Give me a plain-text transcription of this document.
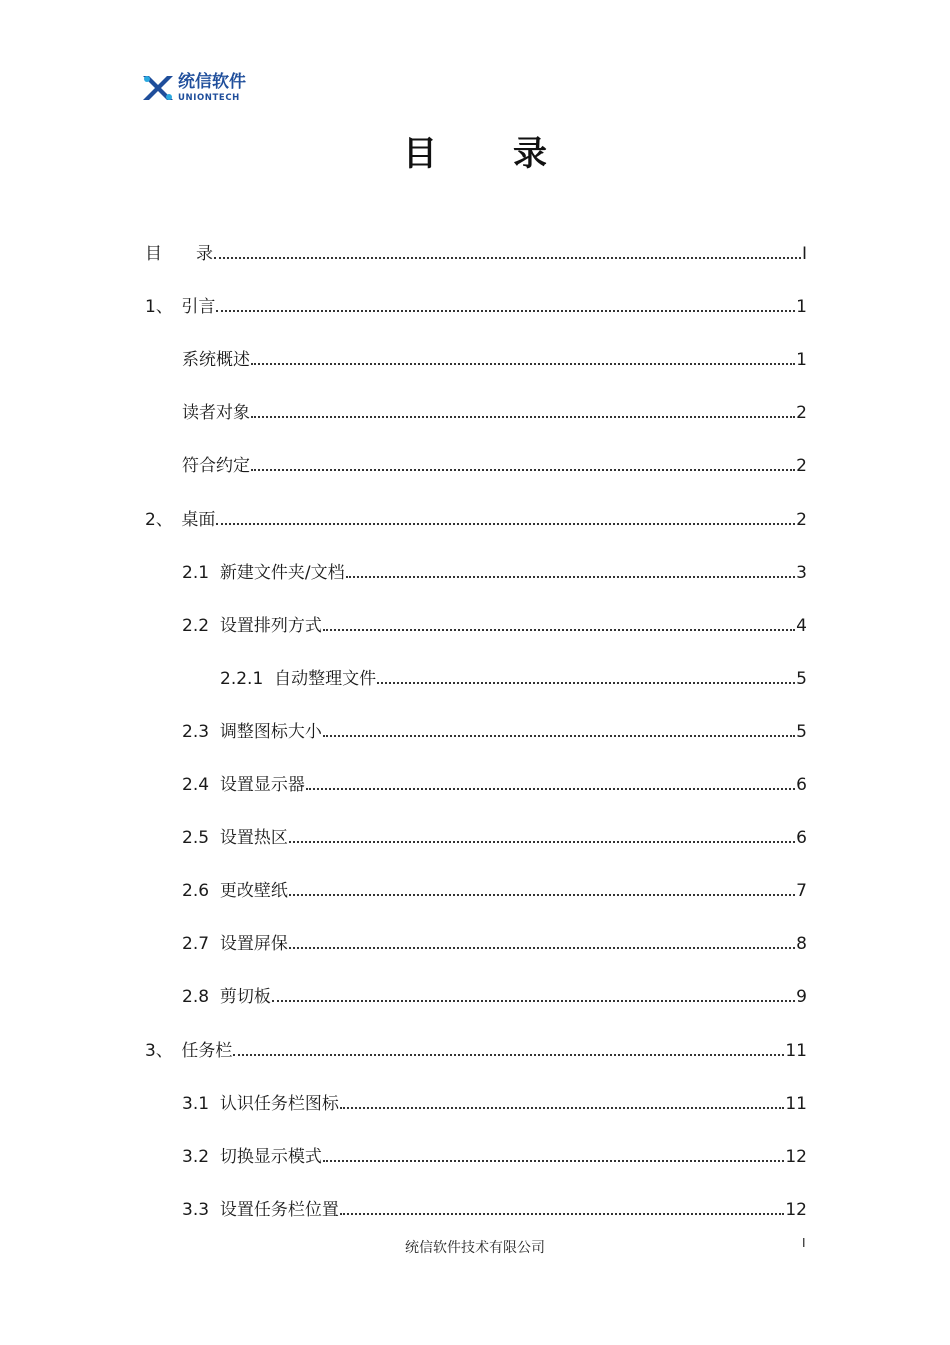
统信软件
UNIONTECH
目 录
目　　录	I
1、　引言	1
系统概述	1
读者对象	2
符合约定	2
2、　桌面	2
2.1  新建文件夹/文档	3
2.2  设置排列方式	4
2.2.1  自动整理文件	5
2.3  调整图标大小	5
2.4  设置显示器	6
2.5  设置热区	6
2.6  更改壁纸	7
2.7  设置屏保	8
2.8  剪切板	9
3、　任务栏	11
3.1  认识任务栏图标	11
3.2  切换显示模式	12
3.3  设置任务栏位置	12
统信软件技术有限公司	I
